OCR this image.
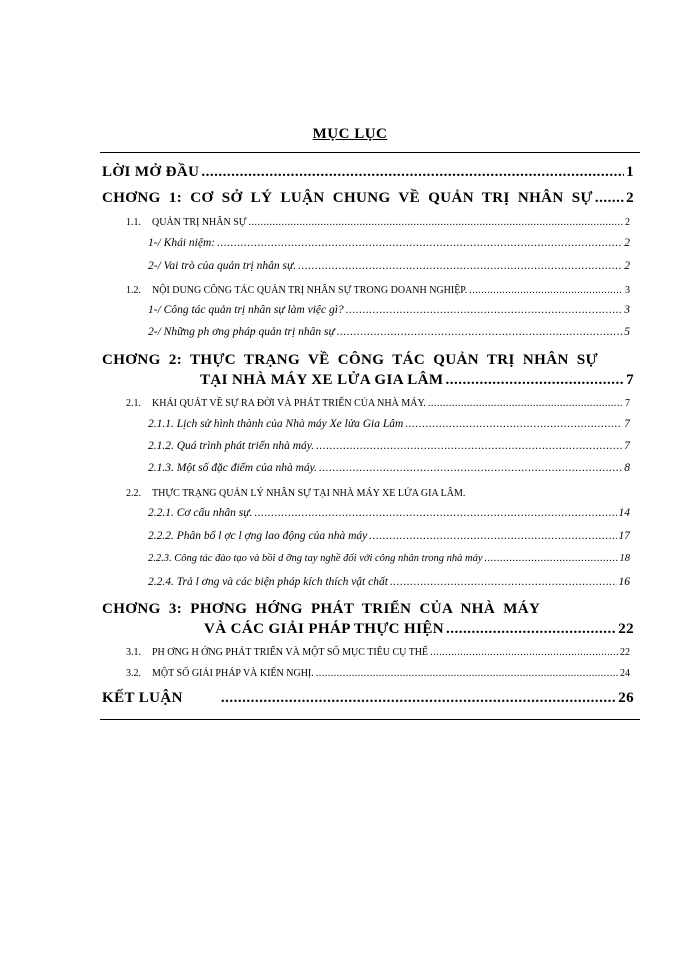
MỤC LỤC
LỜI MỞ ĐẦU .....	1
CHƠNG 1: CƠ SỞ LÝ LUẬN CHUNG VỀ QUẢN TRỊ NHÂN SỰ ..... 2
1.1. QUẢN TRỊ NHÂN SỰ .....	2
1-/ Khái niệm: .....	2
2-/ Vai trò của quản trị nhân sự. .....	2
1.2. NỘI DUNG CÔNG TÁC QUẢN TRỊ NHÂN SỰ TRONG DOANH NGHIỆP. .....	3
1-/ Công tác quản trị nhân sự làm việc gì? .....	3
2-/ Những ph ơng pháp quản trị nhân sự .....	5
CHƠNG 2: THỰC TRẠNG VỀ CÔNG TÁC QUẢN TRỊ NHÂN SỰ
TẠI NHÀ MÁY XE LỬA GIA LÂM .....	7
2.1. KHÁI QUÁT VỀ SỰ RA ĐỜI VÀ PHÁT TRIỂN CỦA NHÀ MÁY. .....	7
2.1.1. Lịch sử hình thành của Nhà máy Xe lửa Gia Lâm .....	7
2.1.2. Quá trình phát triển nhà máy. .....	7
2.1.3. Một số đặc điểm của nhà máy. .....	8
2.2. THỰC TRẠNG QUẢN LÝ NHÂN SỰ TẠI NHÀ MÁY XE LỬA GIA LÂM.
2.2.1. Cơ cấu nhân sự. .....	14
2.2.2. Phân bổ l ợc l ợng lao động của nhà máy .....	17
2.2.3. Công tác đào tạo và bồi d ỡng tay nghề đối với công nhân trong nhà máy .....	18
2.2.4. Trả l ơng và các biện pháp kích thích vật chất .....	16
CHƠNG 3: PHƠNG HỚNG PHÁT TRIỂN CỦA NHÀ MÁY
VÀ CÁC GIẢI PHÁP THỰC HIỆN .....	22
3.1. PH ƠNG H ỚNG PHÁT TRIỂN VÀ MỘT SỐ MỤC TIÊU CỤ THỂ .....	22
3.2. MỘT SỐ GIẢI PHÁP VÀ KIẾN NGHỊ. .....	24
KẾT LUẬN .....	26
